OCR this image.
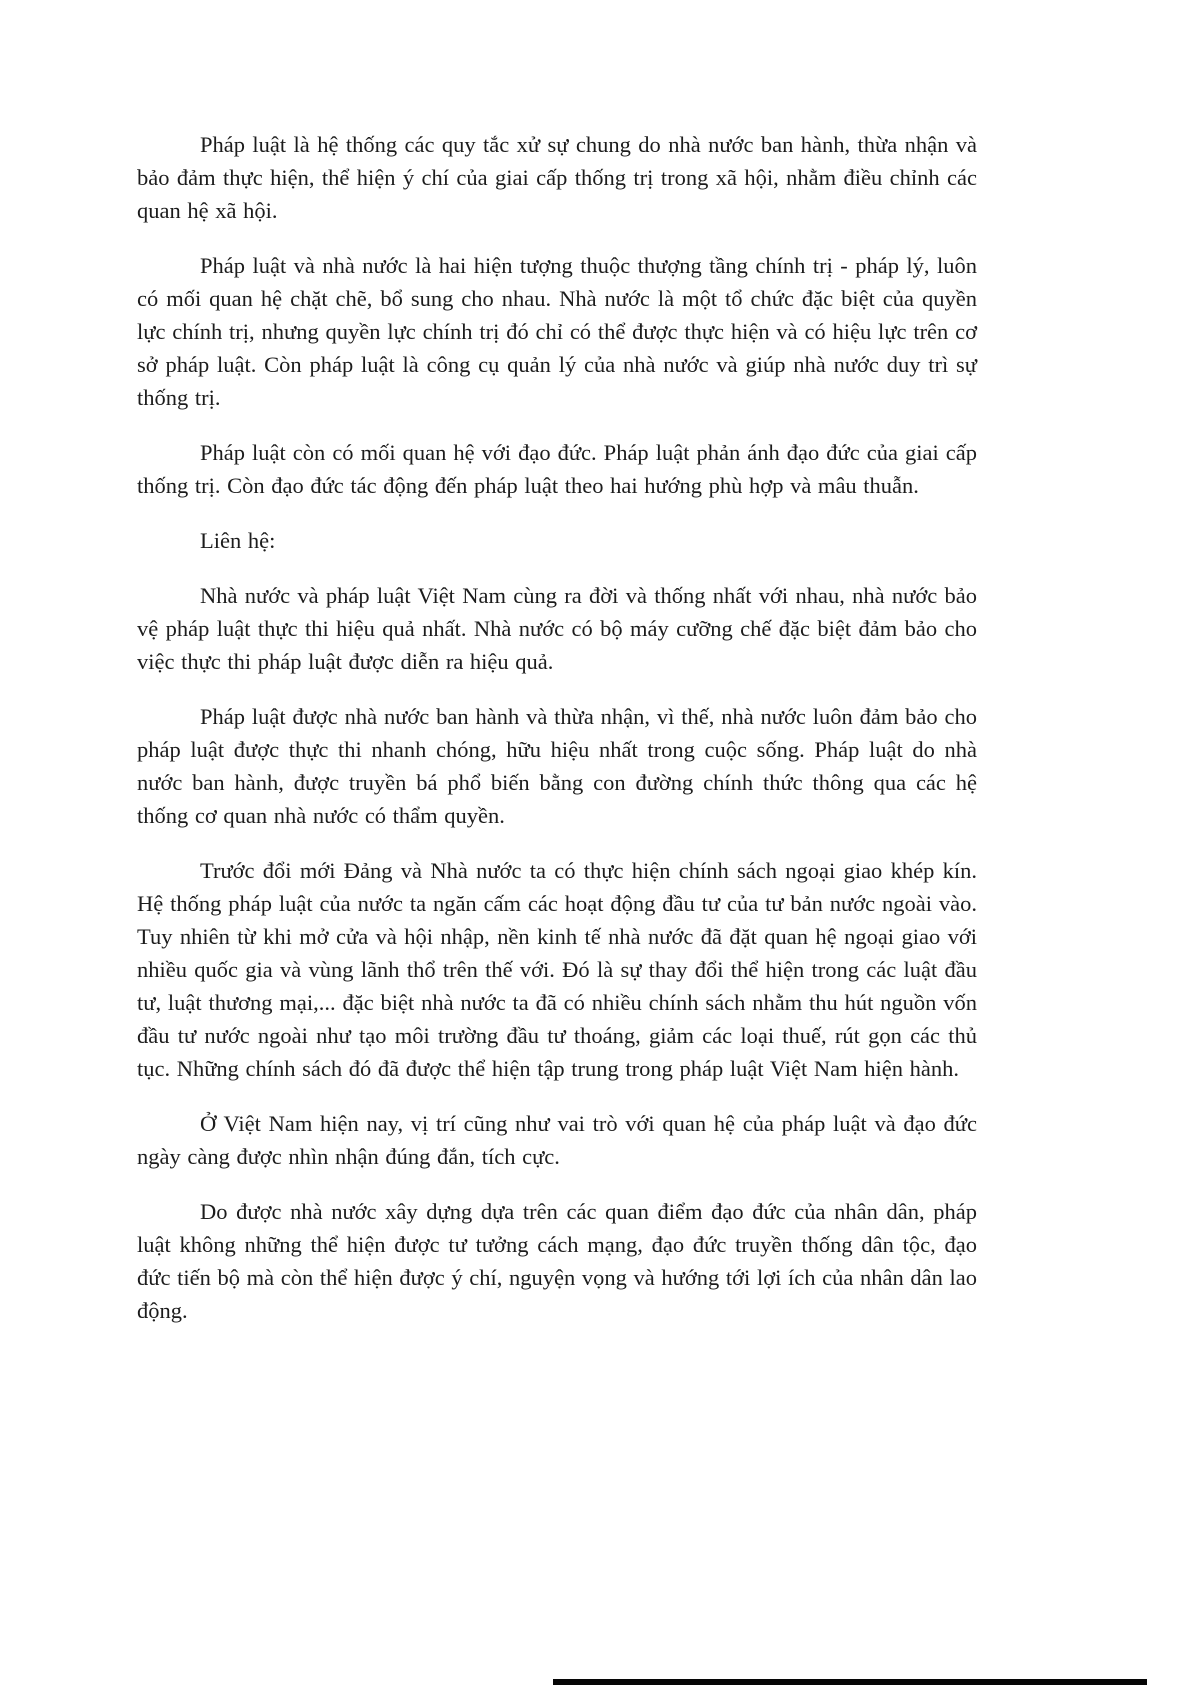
Pháp luật là hệ thống các quy tắc xử sự chung do nhà nước ban hành, thừa nhận và bảo đảm thực hiện, thể hiện ý chí của giai cấp thống trị trong xã hội, nhằm điều chỉnh các quan hệ xã hội.

Pháp luật và nhà nước là hai hiện tượng thuộc thượng tầng chính trị - pháp lý, luôn có mối quan hệ chặt chẽ, bổ sung cho nhau. Nhà nước là một tổ chức đặc biệt của quyền lực chính trị, nhưng quyền lực chính trị đó chỉ có thể được thực hiện và có hiệu lực trên cơ sở pháp luật. Còn pháp luật là công cụ quản lý của nhà nước và giúp nhà nước duy trì sự thống trị.

Pháp luật còn có mối quan hệ với đạo đức. Pháp luật phản ánh đạo đức của giai cấp thống trị. Còn đạo đức tác động đến pháp luật theo hai hướng phù hợp và mâu thuẫn.

Liên hệ:

Nhà nước và pháp luật Việt Nam cùng ra đời và thống nhất với nhau, nhà nước bảo vệ pháp luật thực thi hiệu quả nhất. Nhà nước có bộ máy cưỡng chế đặc biệt đảm bảo cho việc thực thi pháp luật được diễn ra hiệu quả.

Pháp luật được nhà nước ban hành và thừa nhận, vì thế, nhà nước luôn đảm bảo cho pháp luật được thực thi nhanh chóng, hữu hiệu nhất trong cuộc sống. Pháp luật do nhà nước ban hành, được truyền bá phổ biến bằng con đường chính thức thông qua các hệ thống cơ quan nhà nước có thẩm quyền.

Trước đổi mới Đảng và Nhà nước ta có thực hiện chính sách ngoại giao khép kín. Hệ thống pháp luật của nước ta ngăn cấm các hoạt động đầu tư của tư bản nước ngoài vào. Tuy nhiên từ khi mở cửa và hội nhập, nền kinh tế nhà nước đã đặt quan hệ ngoại giao với nhiều quốc gia và vùng lãnh thổ trên thế với. Đó là sự thay đổi thể hiện trong các luật đầu tư, luật thương mại,... đặc biệt nhà nước ta đã có nhiều chính sách nhằm thu hút nguồn vốn đầu tư nước ngoài như tạo môi trường đầu tư thoáng, giảm các loại thuế, rút gọn các thủ tục. Những chính sách đó đã được thể hiện tập trung trong pháp luật Việt Nam hiện hành.

Ở Việt Nam hiện nay, vị trí cũng như vai trò với quan hệ của pháp luật và đạo đức ngày càng được nhìn nhận đúng đắn, tích cực.

Do được nhà nước xây dựng dựa trên các quan điểm đạo đức của nhân dân, pháp luật không những thể hiện được tư tưởng cách mạng, đạo đức truyền thống dân tộc, đạo đức tiến bộ mà còn thể hiện được ý chí, nguyện vọng và hướng tới lợi ích của nhân dân lao động.
